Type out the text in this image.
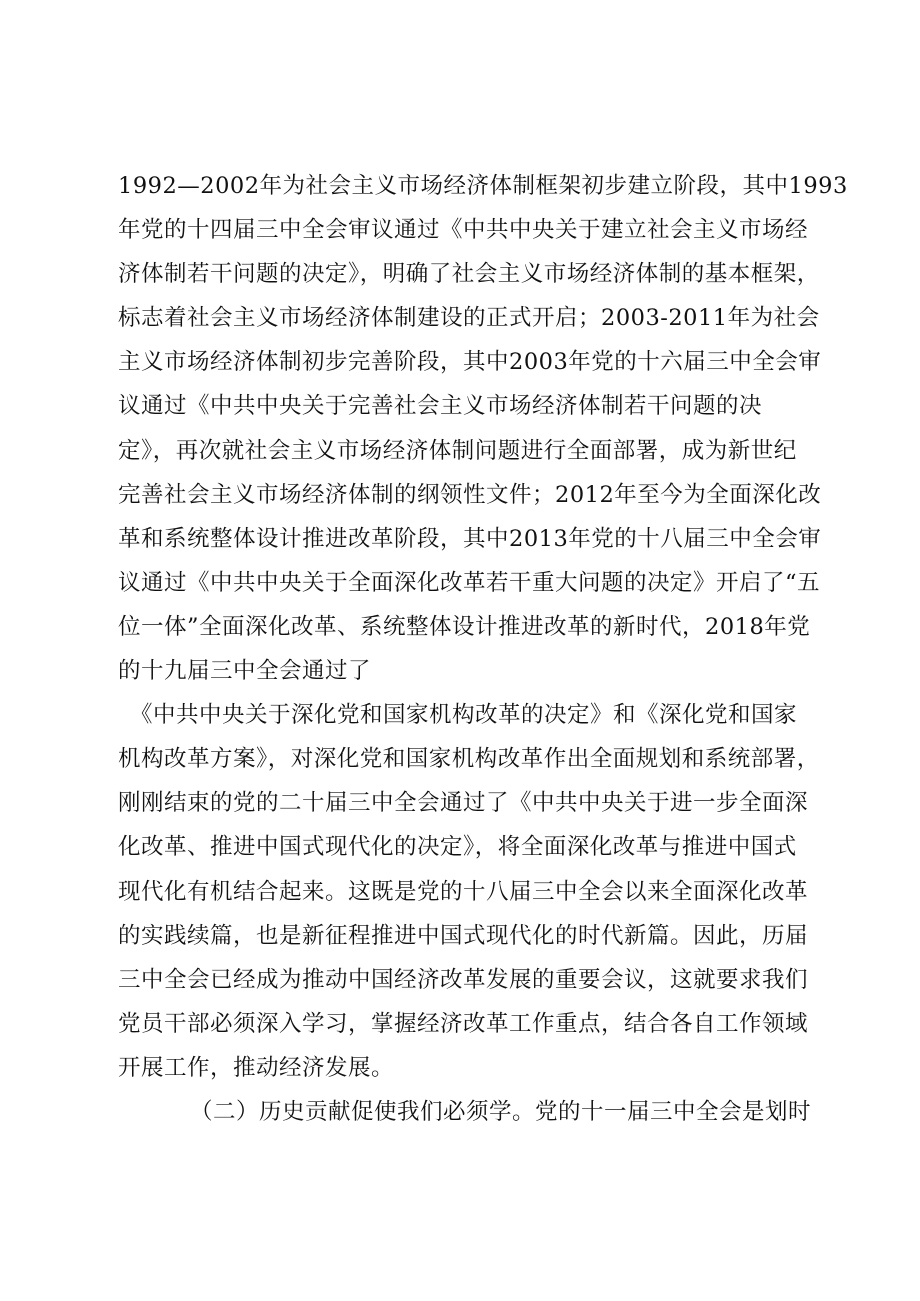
1992—2002年为社会主义市场经济体制框架初步建立阶段，其中1993
年党的十四届三中全会审议通过《中共中央关于建立社会主义市场经
济体制若干问题的决定》，明确了社会主义市场经济体制的基本框架，
标志着社会主义市场经济体制建设的正式开启；2003-2011年为社会
主义市场经济体制初步完善阶段，其中2003年党的十六届三中全会审
议通过《中共中央关于完善社会主义市场经济体制若干问题的决
定》，再次就社会主义市场经济体制问题进行全面部署，成为新世纪
完善社会主义市场经济体制的纲领性文件；2012年至今为全面深化改
革和系统整体设计推进改革阶段，其中2013年党的十八届三中全会审
议通过《中共中央关于全面深化改革若干重大问题的决定》开启了“五
位一体”全面深化改革、系统整体设计推进改革的新时代，2018年党
的十九届三中全会通过了
《中共中央关于深化党和国家机构改革的决定》和《深化党和国家
机构改革方案》，对深化党和国家机构改革作出全面规划和系统部署，
刚刚结束的党的二十届三中全会通过了《中共中央关于进一步全面深
化改革、推进中国式现代化的决定》，将全面深化改革与推进中国式
现代化有机结合起来。这既是党的十八届三中全会以来全面深化改革
的实践续篇，也是新征程推进中国式现代化的时代新篇。因此，历届
三中全会已经成为推动中国经济改革发展的重要会议，这就要求我们
党员干部必须深入学习，掌握经济改革工作重点，结合各自工作领域
开展工作，推动经济发展。
（二）历史贡献促使我们必须学。党的十一届三中全会是划时
